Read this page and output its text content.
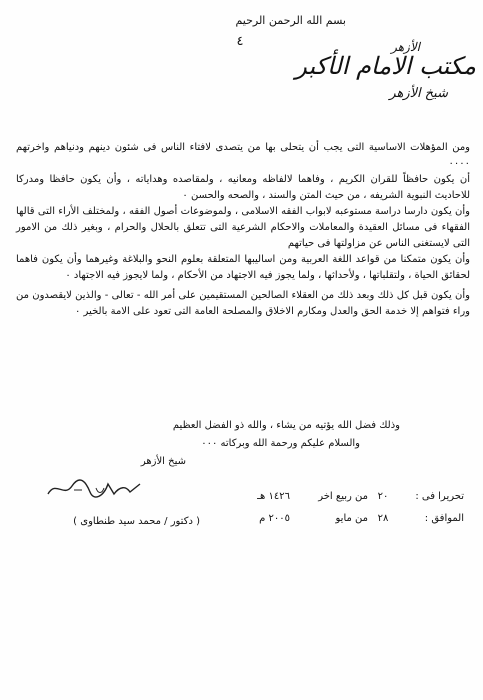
بسم الله الرحمن الرحيم
٤	الأزهر
مكتب الامام الأكبر
شيخ الأزهر

ومن المؤهلات الاساسية التى يجب أن يتحلى بها من يتصدى لافتاء الناس فى شئون دينهم ودنياهم واخرتهم ٠٠٠٠

أن يكون حافظاً للقران الكريم ، وفاهما لالفاظه ومعانيه ، ولمقاصده وهداياته ، وأن يكون حافظا ومدركا للاحاديث النبوية الشريفه ، من حيث المتن والسند ، والصحه والحسن ٠

وأن يكون دارسا دراسة مستوعبه لابواب الفقه الاسلامى ، ولموضوعات أصول الفقه ، ولمختلف الأراء التى قالها الفقهاء فى مسائل العقيدة والمعاملات والاحكام الشرعية التى تتعلق بالحلال والحرام ، وبغير ذلك من الامور التى لايستغنى الناس عن مزاولتها فى حياتهم

وأن يكون متمكنا من قواعد اللغة العربية ومن اساليبها المتعلقة بعلوم النحو والبلاغة وغيرهما وأن يكون فاهما لحقائق الحياة ، ولتقلباتها ، ولأحداثها ، ولما يجوز فيه الاجتهاد من الأحكام ، ولما لايجوز فيه الاجتهاد ٠

وأن يكون قبل كل ذلك وبعد ذلك من العقلاء الصالحين المستقيمين على أمر الله - تعالى - والذين لايقصدون من وراء فتواهم إلا خدمة الحق والعدل ومكارم الاخلاق والمصلحة العامة التى تعود على الامة بالخير ٠

وذلك فضل الله يؤتيه من يشاء ، والله ذو الفضل العظيم
والسلام عليكم ورحمة الله وبركاته ٠٠٠
شيخ الأزهر
( دكتور / محمد سيد طنطاوى )
تحريرا فى :
٢٠
من ربيع اخر
١٤٢٦ هـ
الموافق :
٢٨
من مايو
٢٠٠٥ م
